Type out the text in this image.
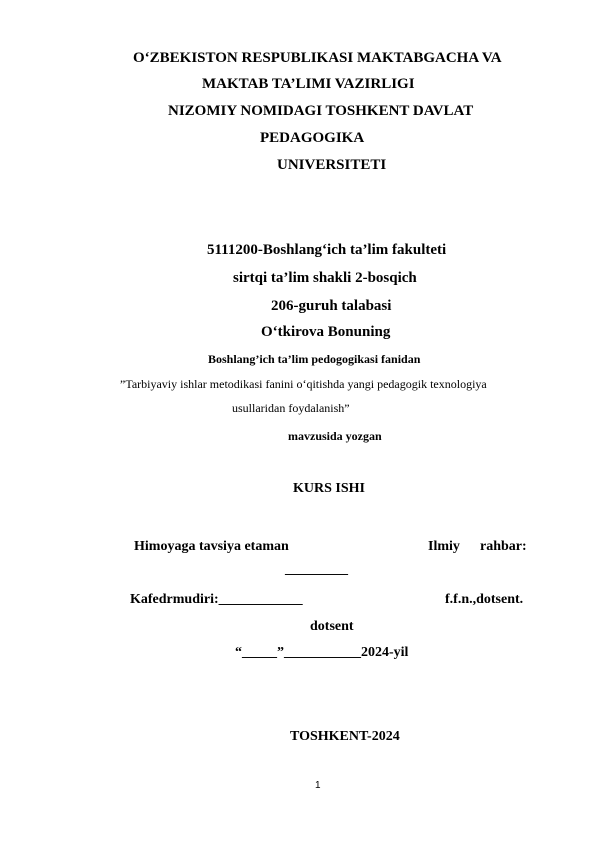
O‘ZBEKISTON RESPUBLIKASI MAKTABGACHA VA
MAKTAB TA’LIMI VAZIRLIGI
NIZOMIY NOMIDAGI TOSHKENT DAVLAT
PEDAGOGIKA
UNIVERSITETI
5111200-Boshlang‘ich ta’lim fakulteti
sirtqi ta’lim shakli 2-bosqich
206-guruh talabasi
O‘tkirova Bonuning
Boshlang’ich ta’lim pedogogikasi fanidan
”Tarbiyaviy ishlar metodikasi fanini o‘qitishda yangi pedagogik texnologiya
usullaridan foydalanish”
mavzusida yozgan
KURS ISHI
Himoyaga tavsiya etaman	Ilmiy rahbar:
_________
Kafedrmudiri:____________	f.f.n.,dotsent.
dotsent
“_____”___________2024-yil
TOSHKENT-2024
1
